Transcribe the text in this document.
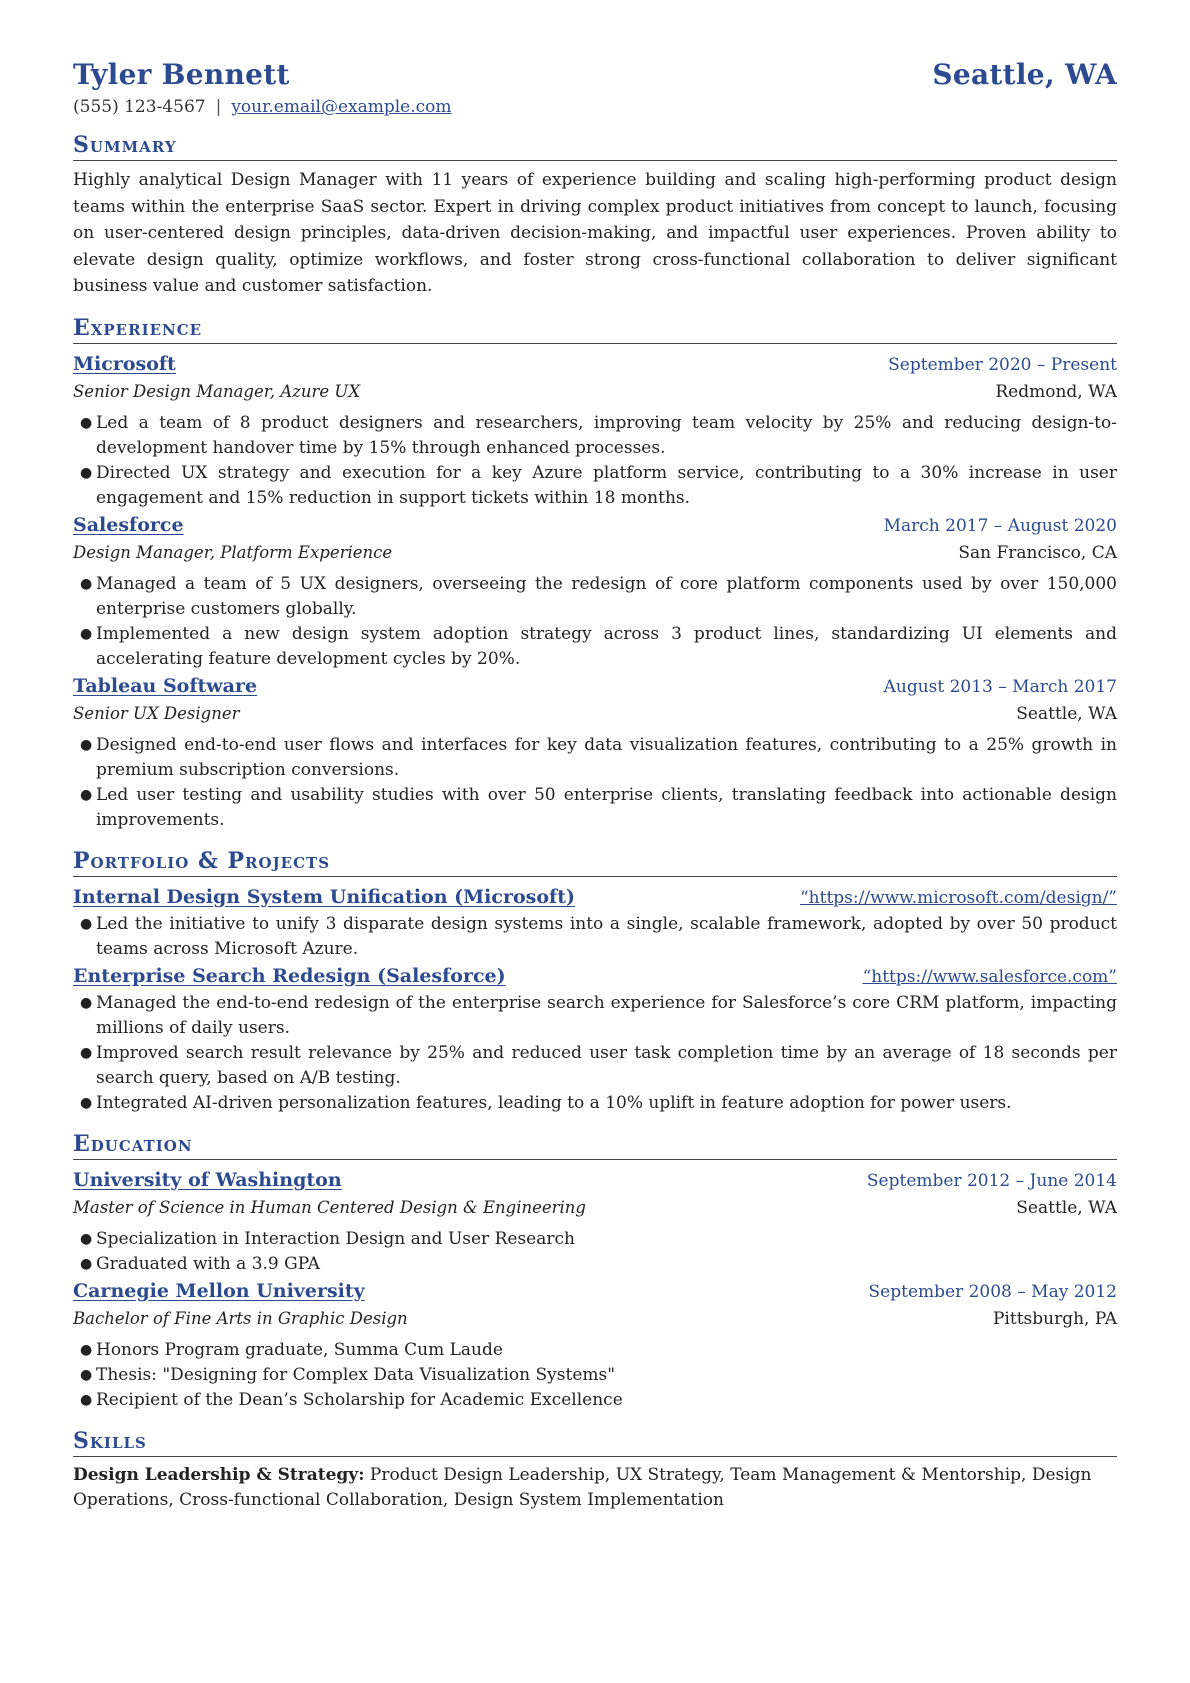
Tyler Bennett	Seattle, WA
(555) 123-4567 | your.email@example.com
Summary
Highly analytical Design Manager with 11 years of experience building and scaling high-performing product design teams within the enterprise SaaS sector. Expert in driving complex product initiatives from concept to launch, focusing on user-centered design principles, data-driven decision-making, and impactful user experiences. Proven ability to elevate design quality, optimize workflows, and foster strong cross-functional collaboration to deliver significant business value and customer satisfaction.
Experience
Microsoft	September 2020 – Present
Senior Design Manager, Azure UX	Redmond, WA
● Led a team of 8 product designers and researchers, improving team velocity by 25% and reducing design-to-development handover time by 15% through enhanced processes.
● Directed UX strategy and execution for a key Azure platform service, contributing to a 30% increase in user engagement and 15% reduction in support tickets within 18 months.
Salesforce	March 2017 – August 2020
Design Manager, Platform Experience	San Francisco, CA
● Managed a team of 5 UX designers, overseeing the redesign of core platform components used by over 150,000 enterprise customers globally.
● Implemented a new design system adoption strategy across 3 product lines, standardizing UI elements and accelerating feature development cycles by 20%.
Tableau Software	August 2013 – March 2017
Senior UX Designer	Seattle, WA
● Designed end-to-end user flows and interfaces for key data visualization features, contributing to a 25% growth in premium subscription conversions.
● Led user testing and usability studies with over 50 enterprise clients, translating feedback into actionable design improvements.
Portfolio & Projects
Internal Design System Unification (Microsoft)	“https://www.microsoft.com/design/”
● Led the initiative to unify 3 disparate design systems into a single, scalable framework, adopted by over 50 product teams across Microsoft Azure.
Enterprise Search Redesign (Salesforce)	“https://www.salesforce.com”
● Managed the end-to-end redesign of the enterprise search experience for Salesforce’s core CRM platform, impacting millions of daily users.
● Improved search result relevance by 25% and reduced user task completion time by an average of 18 seconds per search query, based on A/B testing.
● Integrated AI-driven personalization features, leading to a 10% uplift in feature adoption for power users.
Education
University of Washington	September 2012 – June 2014
Master of Science in Human Centered Design & Engineering	Seattle, WA
● Specialization in Interaction Design and User Research
● Graduated with a 3.9 GPA
Carnegie Mellon University	September 2008 – May 2012
Bachelor of Fine Arts in Graphic Design	Pittsburgh, PA
● Honors Program graduate, Summa Cum Laude
● Thesis: "Designing for Complex Data Visualization Systems"
● Recipient of the Dean’s Scholarship for Academic Excellence
Skills
Design Leadership & Strategy: Product Design Leadership, UX Strategy, Team Management & Mentorship, Design Operations, Cross-functional Collaboration, Design System Implementation
